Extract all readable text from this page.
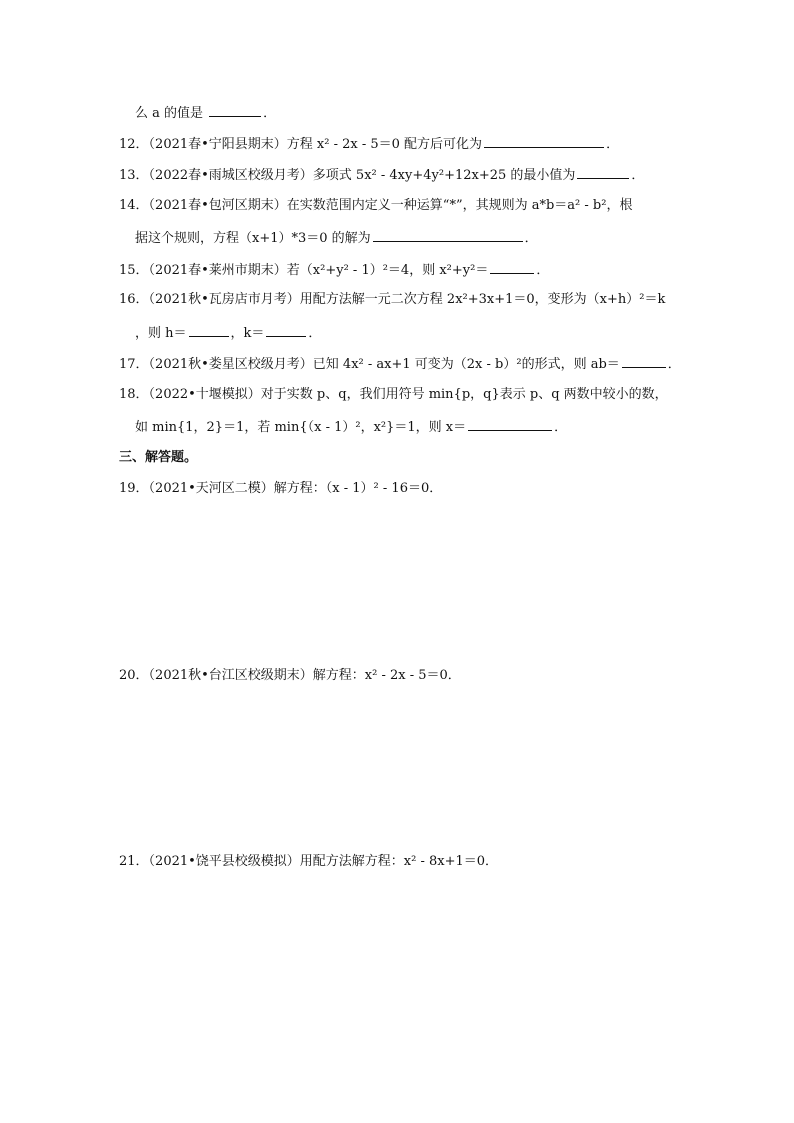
么 a 的值是	．
12．（2021春•宁阳县期末）方程 x² - 2x - 5＝0 配方后可化为	．
13．（2022春•雨城区校级月考）多项式 5x² - 4xy+4y²+12x+25 的最小值为	．
14．（2021春•包河区期末）在实数范围内定义一种运算“*”，其规则为 a*b＝a² - b²，根
据这个规则，方程（x+1）*3＝0 的解为	．
15．（2021春•莱州市期末）若（x²+y² - 1）²＝4，则 x²+y²＝	．
16．（2021秋•瓦房店市月考）用配方法解一元二次方程 2x²+3x+1＝0，变形为（x+h）²＝k
，则 h＝	，k＝	．
17．（2021秋•娄星区校级月考）已知 4x² - ax+1 可变为（2x - b）²的形式，则 ab＝	．
18．（2022•十堰模拟）对于实数 p、q，我们用符号 min{p，q}表示 p、q 两数中较小的数，
如 min{1，2}＝1，若 min{（x - 1）²，x²}＝1，则 x＝	．
三、解答题。
19．（2021•天河区二模）解方程：（x - 1）² - 16＝0．
20．（2021秋•台江区校级期末）解方程：x² - 2x - 5＝0．
21．（2021•饶平县校级模拟）用配方法解方程：x² - 8x+1＝0．
